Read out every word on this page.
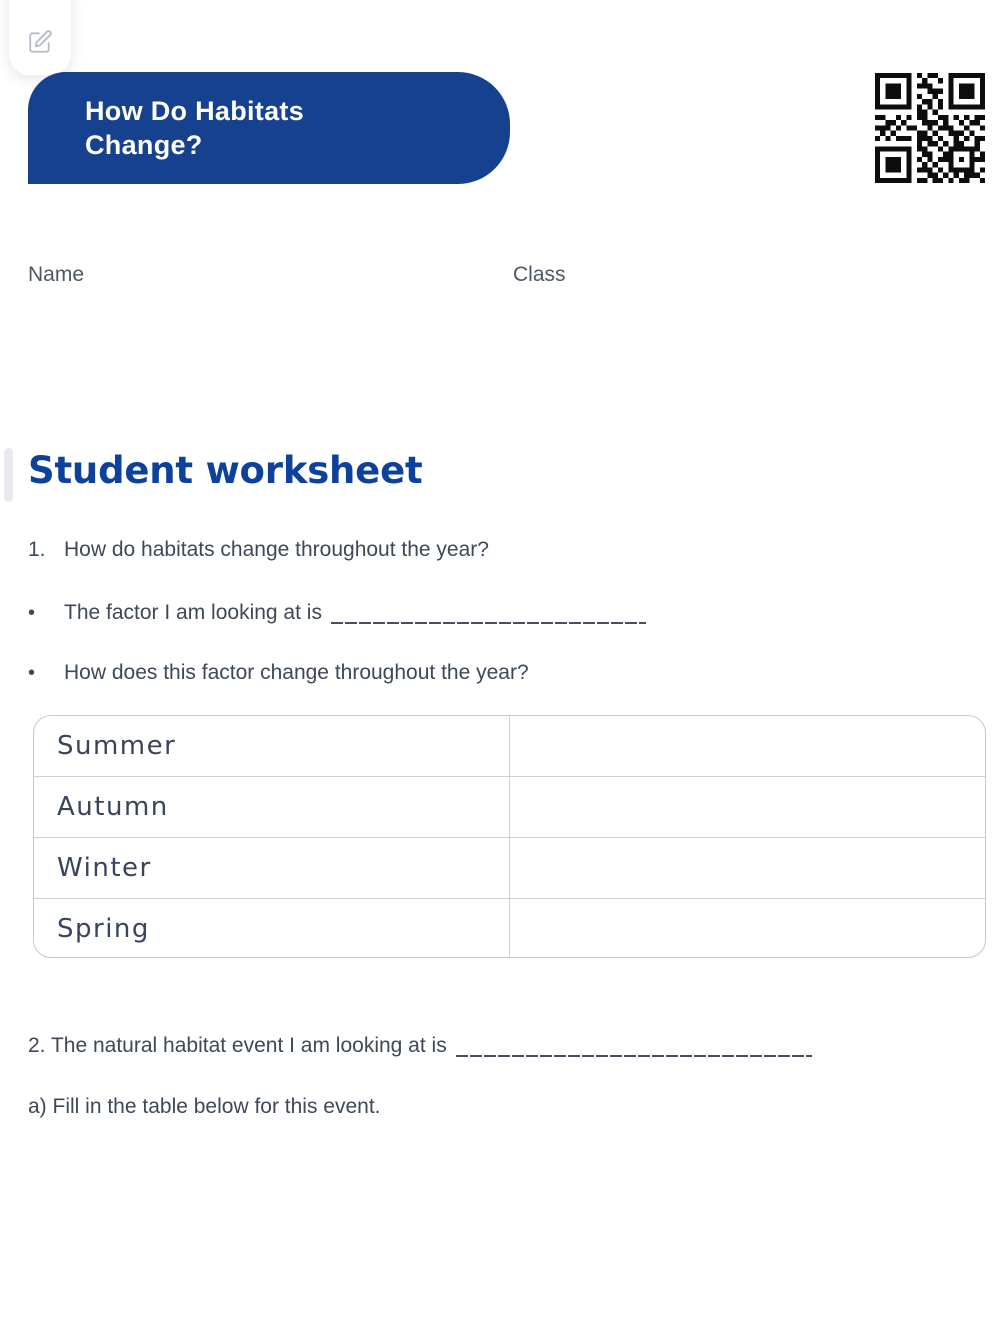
How Do Habitats
Change?
Name	Class
Student worksheet
1. How do habitats change throughout the year?
• The factor I am looking at is
• How does this factor change throughout the year?
Summer
Autumn
Winter
Spring
2. The natural habitat event I am looking at is
a) Fill in the table below for this event.
